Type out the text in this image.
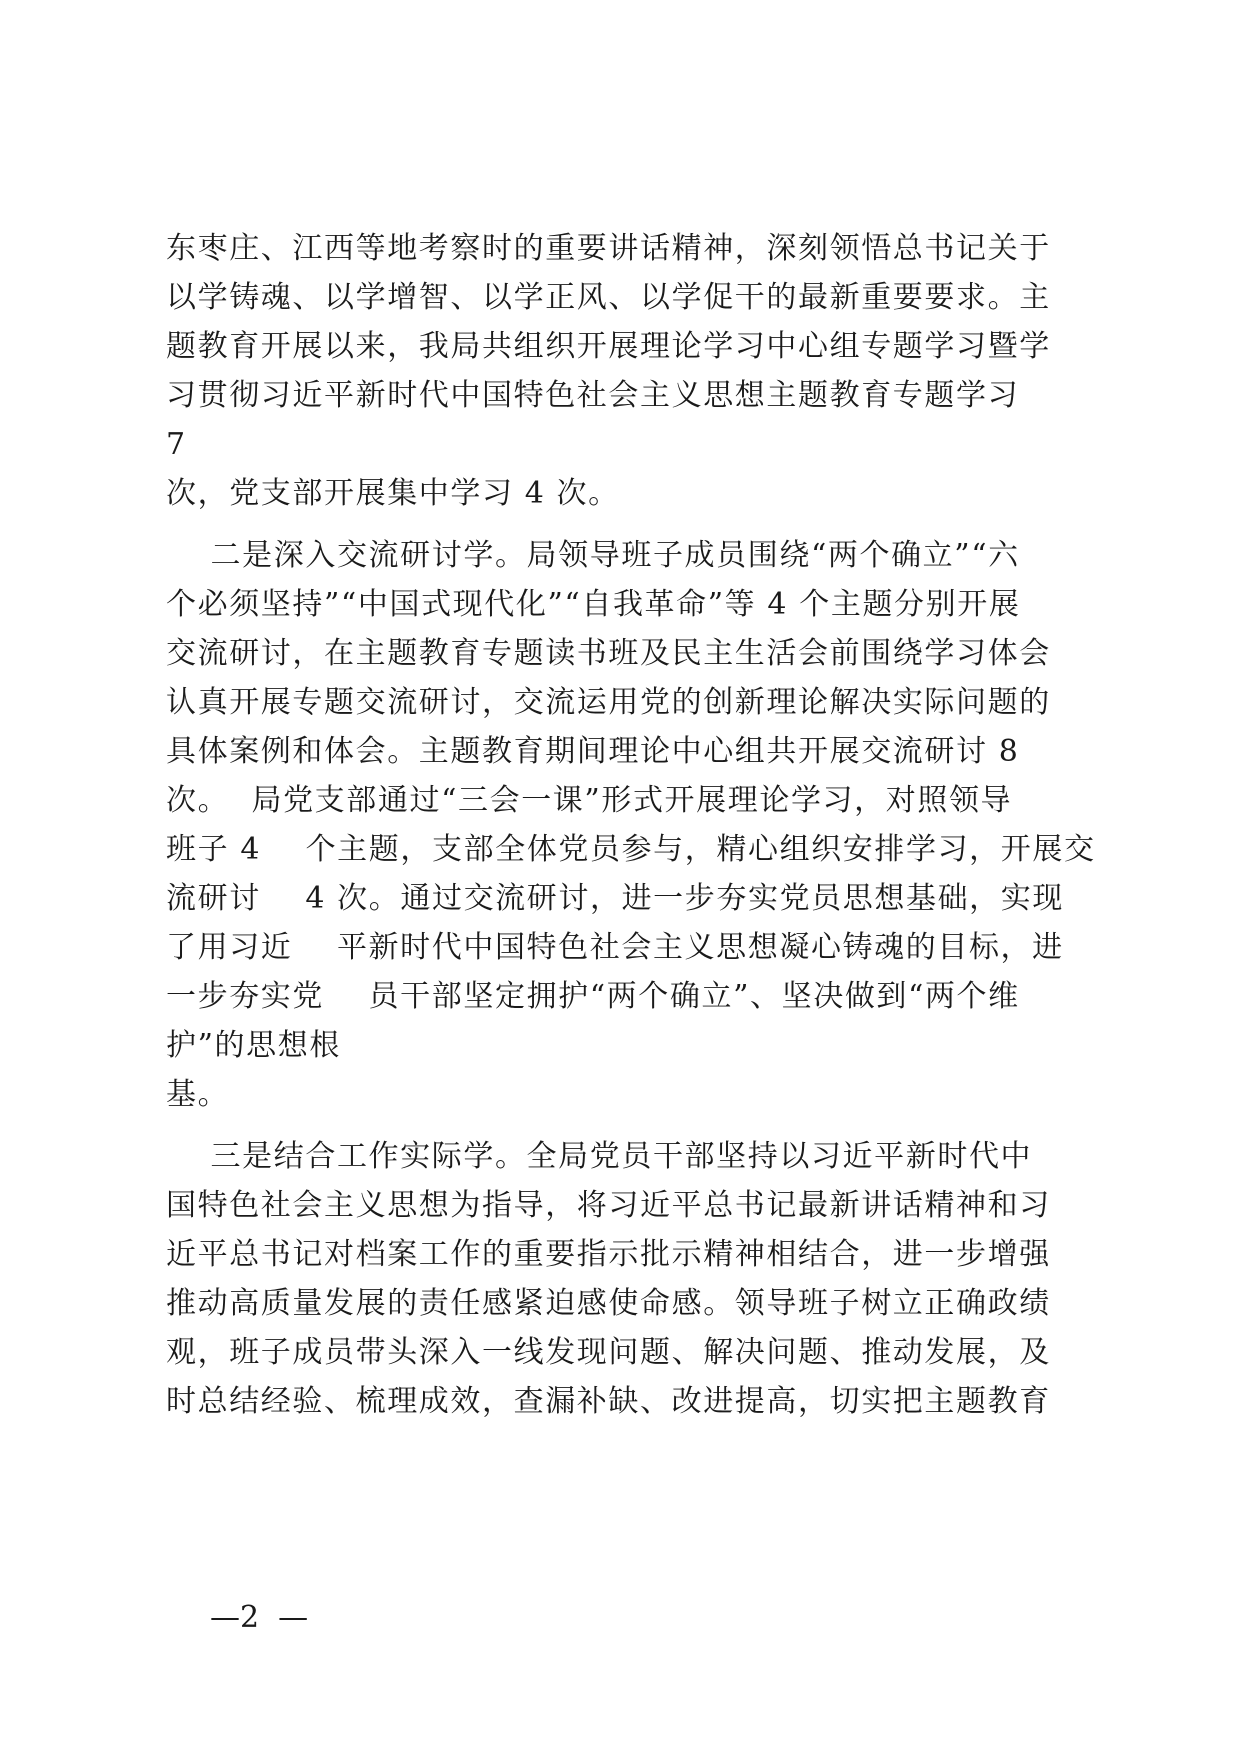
东枣庄、江西等地考察时的重要讲话精神，深刻领悟总书记关于
以学铸魂、以学增智、以学正风、以学促干的最新重要要求。主
题教育开展以来，我局共组织开展理论学习中心组专题学习暨学
习贯彻习近平新时代中国特色社会主义思想主题教育专题学习
7
次，党支部开展集中学习 4 次。
二是深入交流研讨学。局领导班子成员围绕“两个确立”“六
个必须坚持”“中国式现代化”“自我革命”等 4 个主题分别开展
交流研讨，在主题教育专题读书班及民主生活会前围绕学习体会
认真开展专题交流研讨，交流运用党的创新理论解决实际问题的
具体案例和体会。主题教育期间理论中心组共开展交流研讨 8
次。  局党支部通过“三会一课”形式开展理论学习，对照领导
班子 4    个主题，支部全体党员参与，精心组织安排学习，开展交
流研讨    4 次。通过交流研讨，进一步夯实党员思想基础，实现
了用习近    平新时代中国特色社会主义思想凝心铸魂的目标，进
一步夯实党    员干部坚定拥护“两个确立”、坚决做到“两个维
护”的思想根
基。
三是结合工作实际学。全局党员干部坚持以习近平新时代中
国特色社会主义思想为指导，将习近平总书记最新讲话精神和习
近平总书记对档案工作的重要指示批示精神相结合，进一步增强
推动高质量发展的责任感紧迫感使命感。领导班子树立正确政绩
观，班子成员带头深入一线发现问题、解决问题、推动发展，及
时总结经验、梳理成效，查漏补缺、改进提高，切实把主题教育
—2  —
